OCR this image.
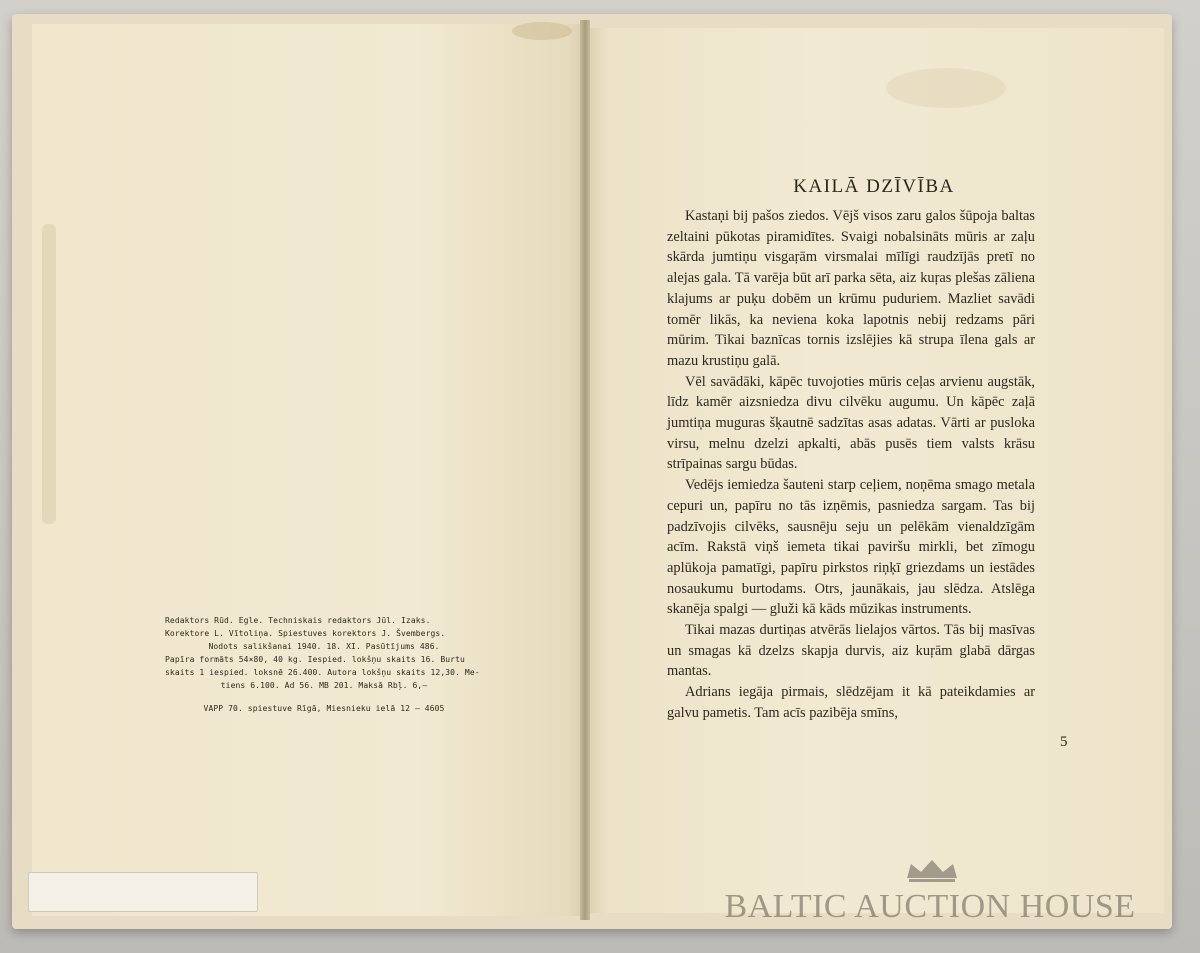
Redaktors Rūd. Egle. Techniskais redaktors Jūl. Izaks.
Korektore L. Vītoliņa. Spiestuves korektors J. Švembergs.
Nodots salikšanai 1940. 18. XI. Pasūtījums 486.
Papīra formāts 54×80, 40 kg. Iespied. lokšņu skaits 16. Burtu
skaits 1 iespied. loksnē 26.400. Autora lokšņu skaits 12,30. Me-
tiens 6.100. Ad 56. MB 201. Maksā Rbļ. 6,—
VAPP 70. spiestuve Rīgā, Miesnieku ielā 12 — 4605
KAILĀ DZĪVĪBA

Kastaņi bij pašos ziedos. Vējš visos zaru galos šūpoja baltas zeltaini pūkotas piramidītes. Svaigi nobalsināts mūris ar zaļu skārda jumtiņu visgaŗām virsmalai mīlīgi raudzījās pretī no alejas gala. Tā varēja būt arī parka sēta, aiz kuŗas plešas zāliena klajums ar puķu dobēm un krūmu puduriem. Mazliet savādi tomēr likās, ka neviena koka lapotnis nebij redzams pāri mūrim. Tikai baznīcas tornis izslējies kā strupa īlena gals ar mazu krustiņu galā.

Vēl savādāki, kāpēc tuvojoties mūris ceļas arvienu augstāk, līdz kamēr aizsniedza divu cilvēku augumu. Un kāpēc zaļā jumtiņa muguras šķautnē sadzītas asas adatas. Vārti ar pusloka virsu, melnu dzelzi apkalti, abās pusēs tiem valsts krāsu strīpainas sargu būdas.

Vedējs iemiedza šauteni starp ceļiem, noņēma smago metala cepuri un, papīru no tās izņēmis, pasniedza sargam. Tas bij padzīvojis cilvēks, sausnēju seju un pelēkām vienaldzīgām acīm. Rakstā viņš iemeta tikai paviršu mirkli, bet zīmogu aplūkoja pamatīgi, papīru pirkstos riņķī griezdams un iestādes nosaukumu burtodams. Otrs, jaunākais, jau slēdza. Atslēga skanēja spalgi — gluži kā kāds mūzikas instruments.

Tikai mazas durtiņas atvērās lielajos vārtos. Tās bij masīvas un smagas kā dzelzs skapja durvis, aiz kuŗām glabā dārgas mantas.

Adrians iegāja pirmais, slēdzējam it kā pateikdamies ar galvu pametis. Tam acīs pazibēja smīns,

5
BALTIC AUCTION HOUSE
